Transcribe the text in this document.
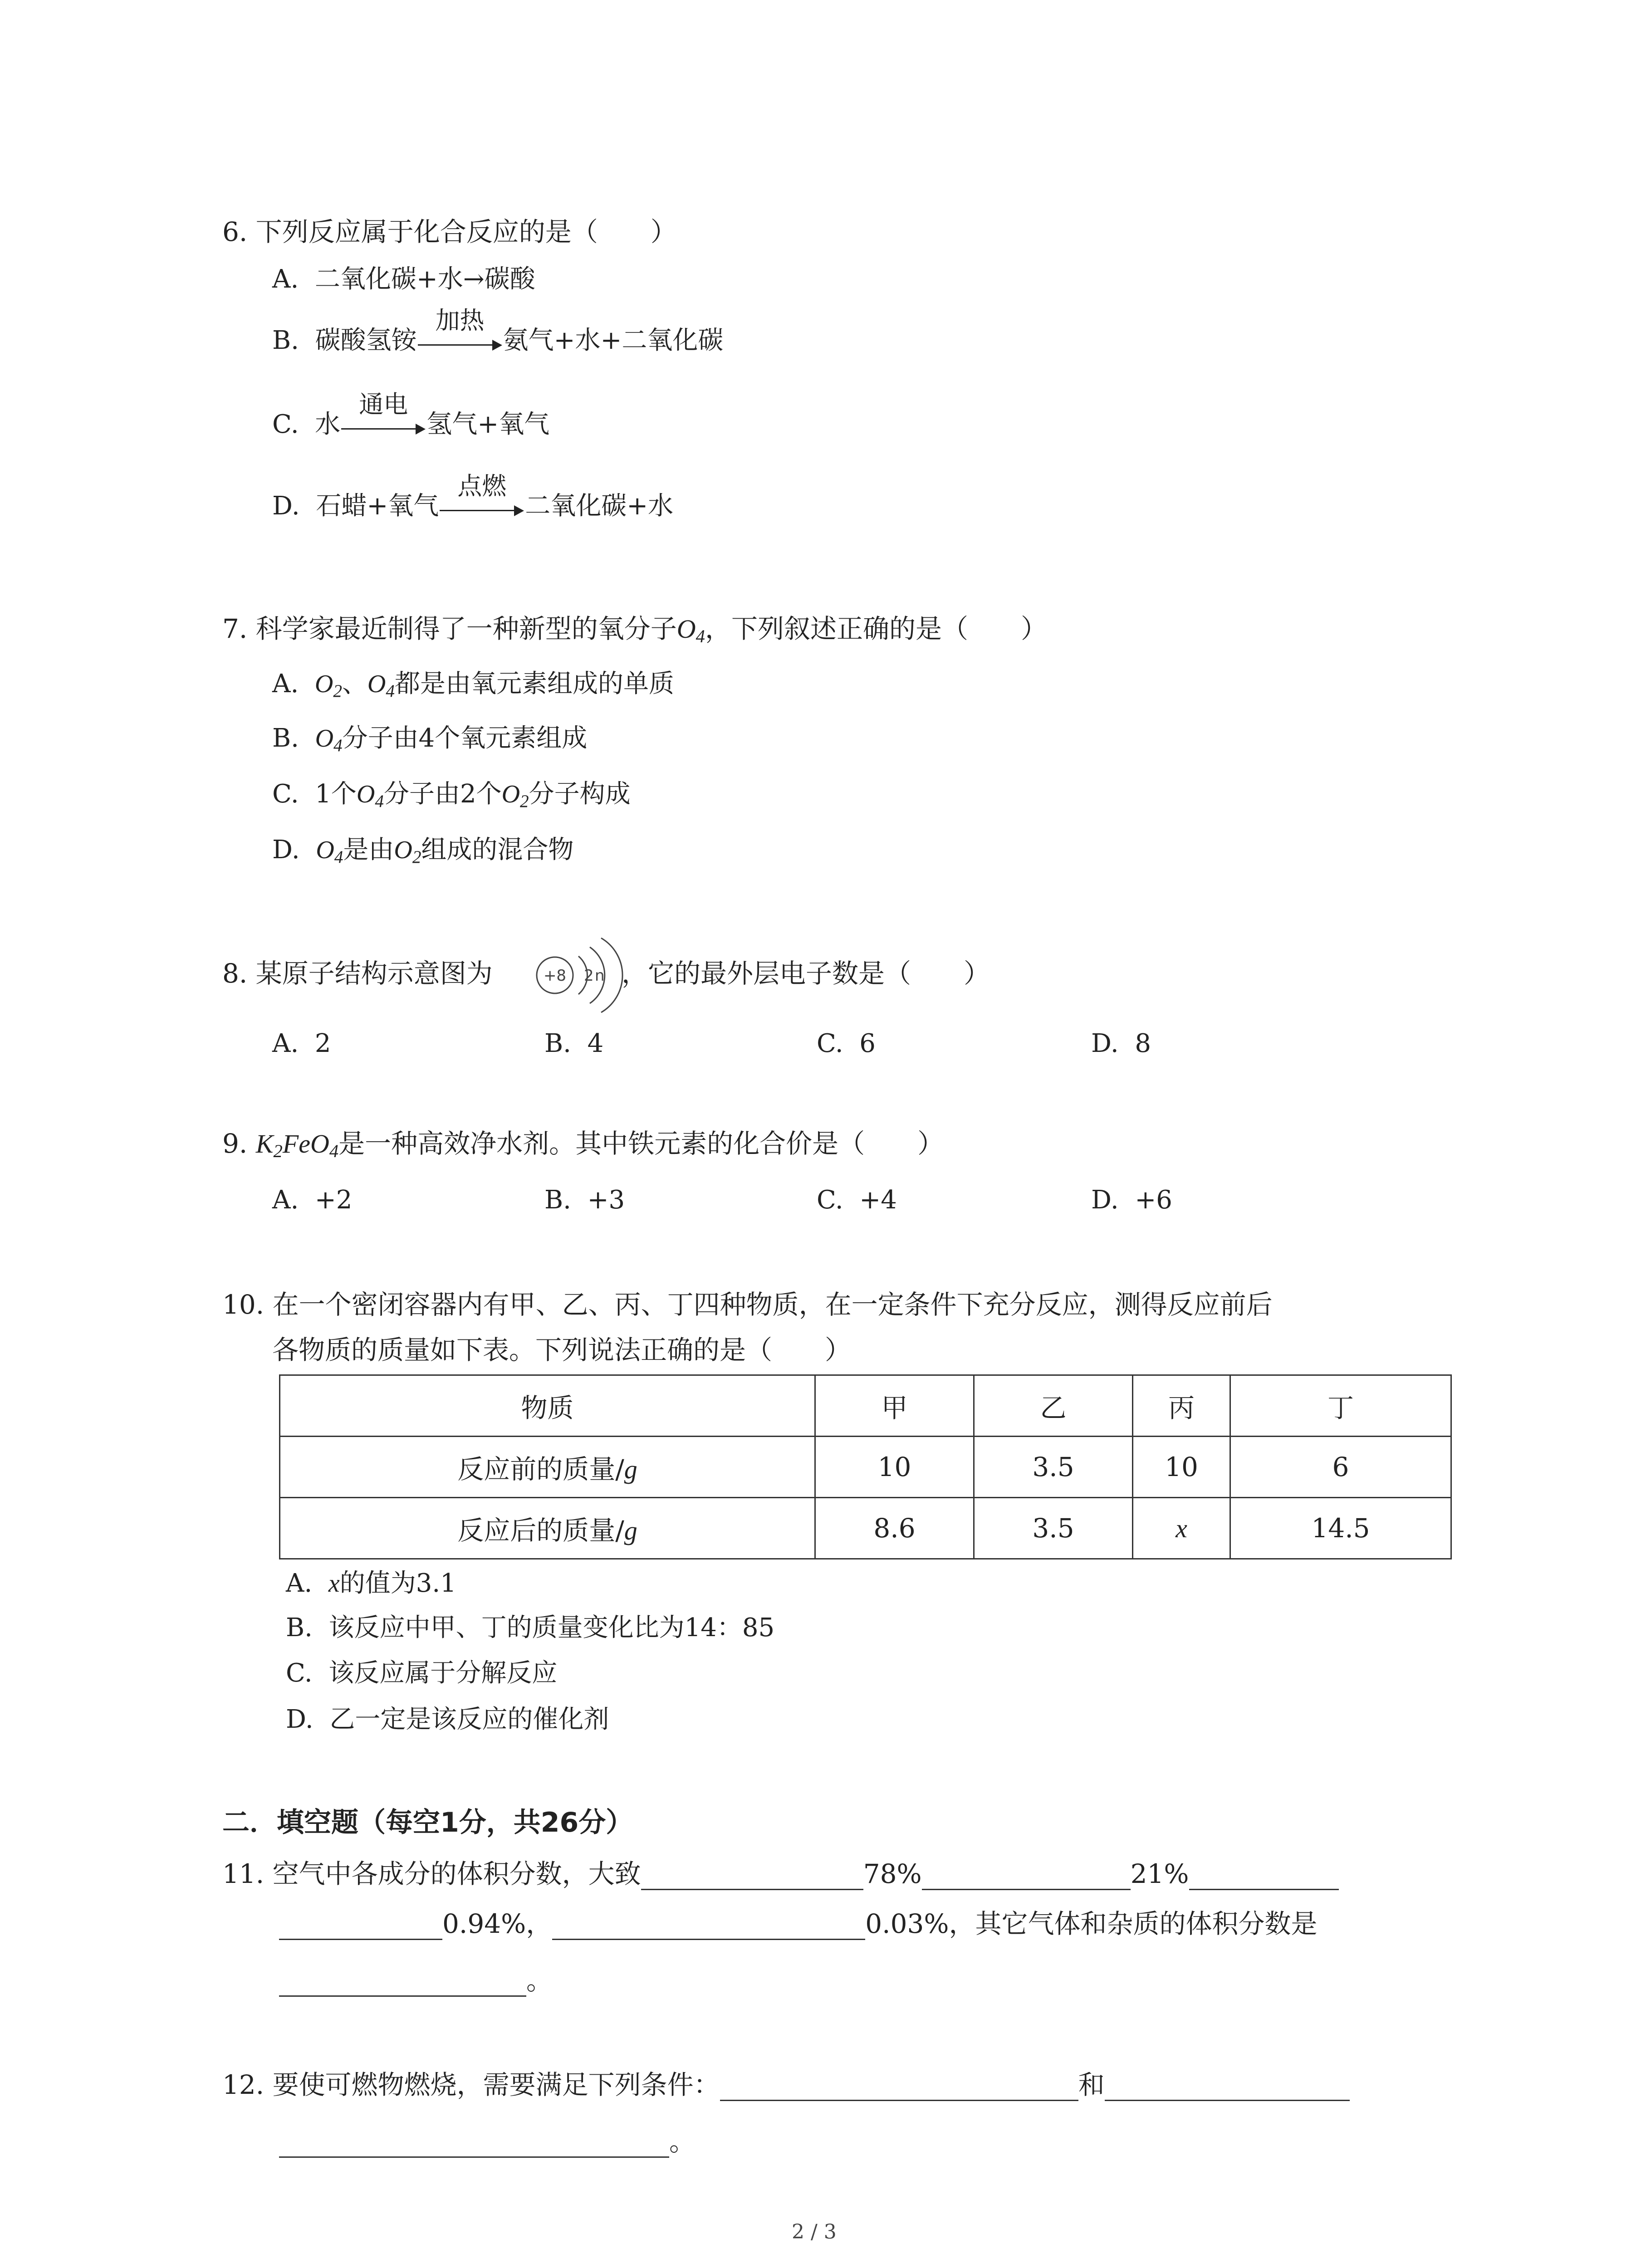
6. 下列反应属于化合反应的是（　　）
A. 二氧化碳+水→碳酸
B. 碳酸氢铵
加热
氨气+水+二氧化碳
C. 水
通电
氢气+氧气
D. 石蜡+氧气
点燃
二氧化碳+水
7. 科学家最近制得了一种新型的氧分子$O_4$，下列叙述正确的是（　　）
A. $O_2$、$O_4$都是由氧元素组成的单质
B. $O_4$分子由4个氧元素组成
C. 1个$O_4$分子由2个$O_2$分子构成
D. $O_4$是由$O_2$组成的混合物
8. 某原子结构示意图为	+8 2 n ，它的最外层电子数是（　　）
A. 2	B. 4	C. 6	D. 8
9. $K_2FeO_4$是一种高效净水剂。其中铁元素的化合价是（　　）
A. +2	B. +3	C. +4	D. +6
10. 在一个密闭容器内有甲、乙、丙、丁四种物质，在一定条件下充分反应，测得反应前后
各物质的质量如下表。下列说法正确的是（　　）
物质	甲	乙	丙	丁
反应前的质量/g	10	3.5	10	6
反应后的质量/g	8.6	3.5	x	14.5
A. x的值为3.1
B. 该反应中甲、丁的质量变化比为14：85
C. 该反应属于分解反应
D. 乙一定是该反应的催化剂
二．填空题（每空1分，共26分）
11. 空气中各成分的体积分数，大致	78%	21%
0.94%，	0.03%，其它气体和杂质的体积分数是
。
12. 要使可燃物燃烧，需要满足下列条件：	和
。
2 / 3
